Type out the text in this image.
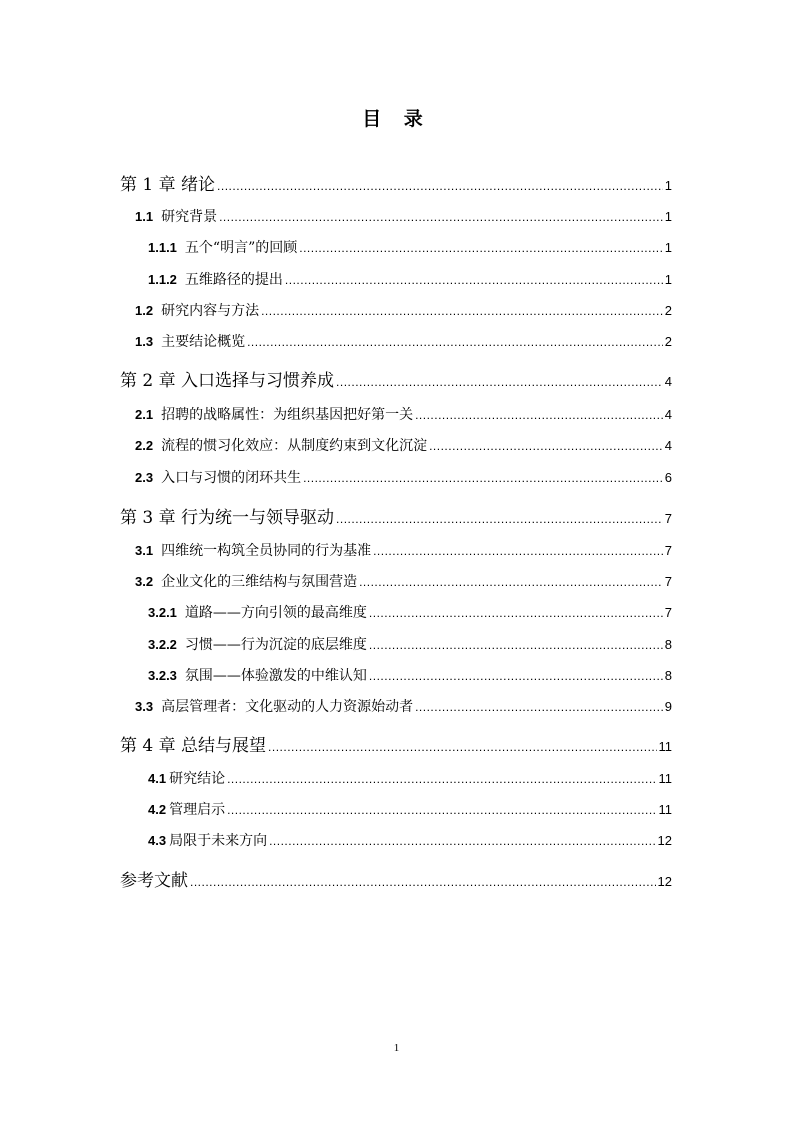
目 录
第 1 章 绪论 .....	1
1.1 研究背景 .....	1
1.1.1 五个“明言”的回顾 .....	1
1.1.2 五维路径的提出 .....	1
1.2 研究内容与方法 .....	2
1.3 主要结论概览 .....	2
第 2 章 入口选择与习惯养成 .....	4
2.1 招聘的战略属性：为组织基因把好第一关 .....	4
2.2 流程的惯习化效应：从制度约束到文化沉淀 .....	4
2.3 入口与习惯的闭环共生 .....	6
第 3 章 行为统一与领导驱动 .....	7
3.1 四维统一构筑全员协同的行为基准 .....	7
3.2 企业文化的三维结构与氛围营造 .....	7
3.2.1 道路——方向引领的最高维度 .....	7
3.2.2 习惯——行为沉淀的底层维度 .....	8
3.2.3 氛围——体验激发的中维认知 .....	8
3.3 高层管理者：文化驱动的人力资源始动者 .....	9
第 4 章 总结与展望 .....	11
4.1 研究结论 .....	11
4.2 管理启示 .....	11
4.3 局限于未来方向 .....	12
参考文献 .....	12
1
